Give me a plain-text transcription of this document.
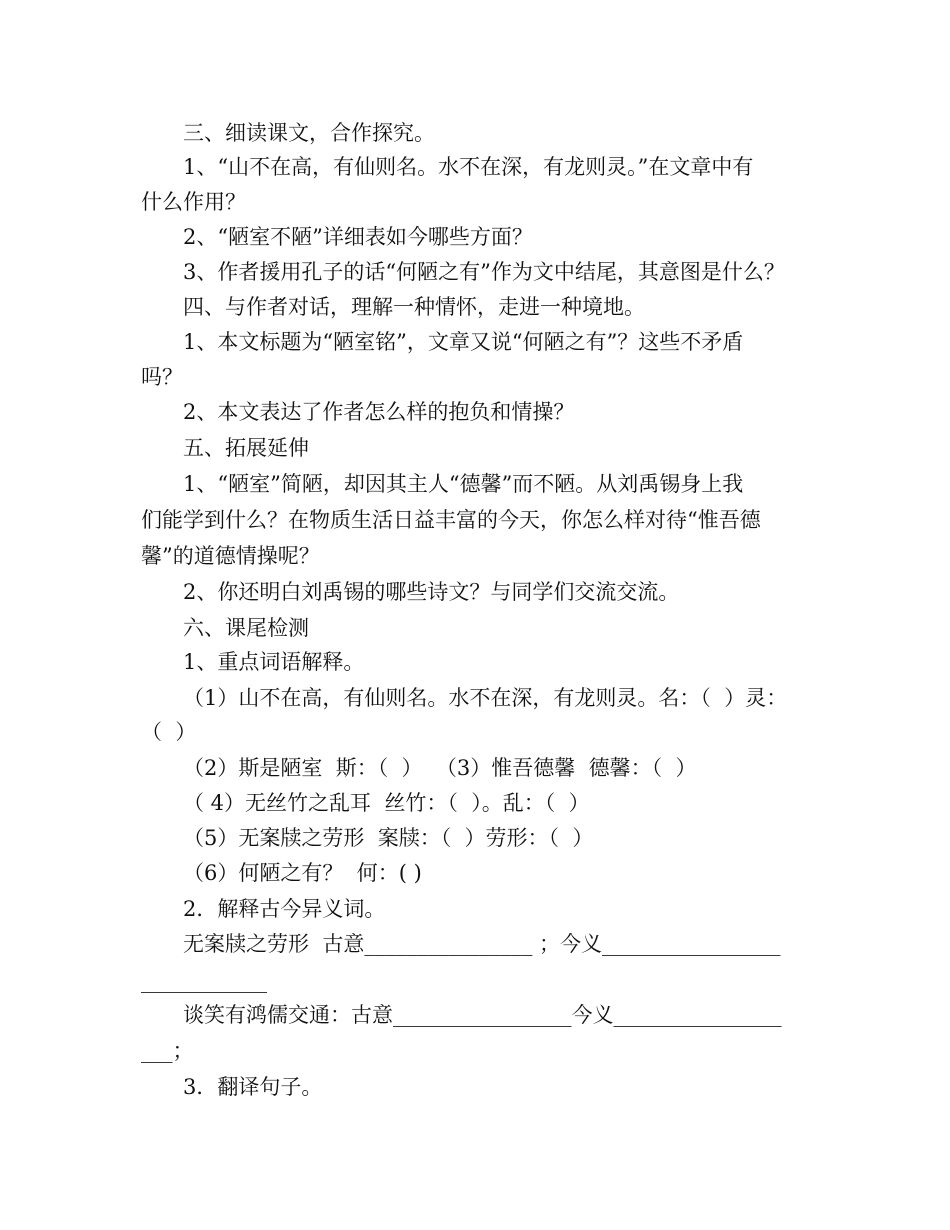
三、细读课文，合作探究。
1、“山不在高，有仙则名。水不在深，有龙则灵。”在文章中有
什么作用？
2、“陋室不陋”详细表如今哪些方面？
3、作者援用孔子的话“何陋之有”作为文中结尾，其意图是什么？
四、与作者对话，理解一种情怀，走进一种境地。
1、本文标题为“陋室铭”，文章又说“何陋之有”？这些不矛盾
吗？
2、本文表达了作者怎么样的抱负和情操？
五、拓展延伸
1、“陋室”简陋，却因其主人“德馨”而不陋。从刘禹锡身上我
们能学到什么？在物质生活日益丰富的今天，你怎么样对待“惟吾德
馨”的道德情操呢？
2、你还明白刘禹锡的哪些诗文？与同学们交流交流。
六、课尾检测
1、重点词语解释。
（1）山不在高，有仙则名。水不在深，有龙则灵。名：（  ）灵：
（  ）
（2）斯是陋室  斯：（  ）  （3）惟吾德馨  德馨：（  ）
（ 4）无丝竹之乱耳  丝竹：（  ）。乱：（  ）
（5）无案牍之劳形  案牍：（  ）劳形：（  ）
（6）何陋之有？  何：( )
2．解释古今异义词。
无案牍之劳形  古意________________ ；今义_________________
____________
谈笑有鸿儒交通：古意_________________今义________________
___；
3．翻译句子。
